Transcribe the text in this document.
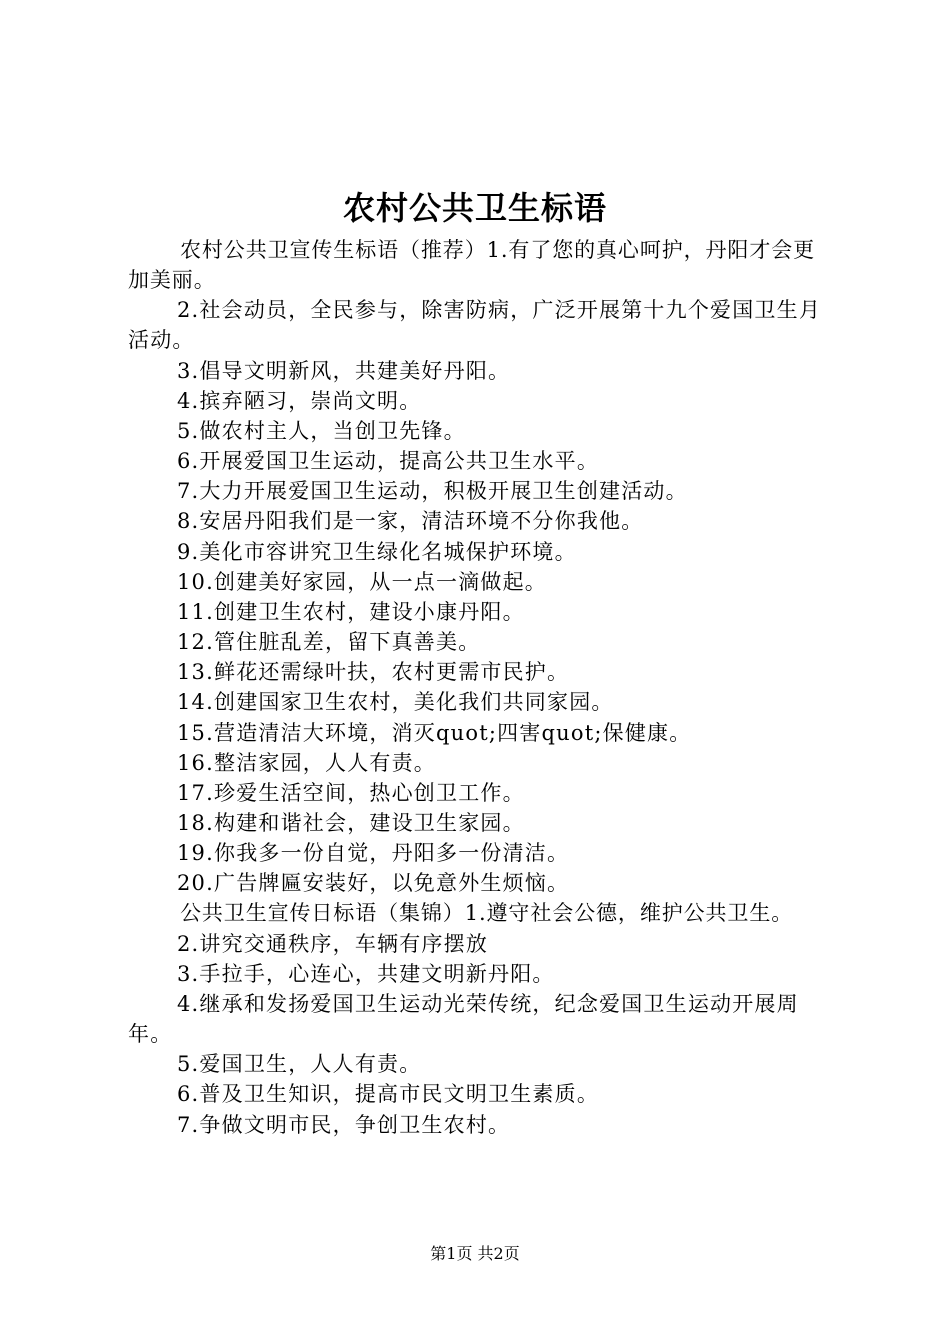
农村公共卫生标语

农村公共卫宣传生标语（推荐）1.有了您的真心呵护，丹阳才会更加美丽。

2.社会动员，全民参与，除害防病，广泛开展第十九个爱国卫生月活动。

3.倡导文明新风，共建美好丹阳。

4.摈弃陋习，崇尚文明。

5.做农村主人，当创卫先锋。

6.开展爱国卫生运动，提高公共卫生水平。

7.大力开展爱国卫生运动，积极开展卫生创建活动。

8.安居丹阳我们是一家，清洁环境不分你我他。

9.美化市容讲究卫生绿化名城保护环境。

10.创建美好家园，从一点一滴做起。

11.创建卫生农村，建设小康丹阳。

12.管住脏乱差，留下真善美。

13.鲜花还需绿叶扶，农村更需市民护。

14.创建国家卫生农村，美化我们共同家园。

15.营造清洁大环境，消灭quot;四害quot;保健康。

16.整洁家园，人人有责。

17.珍爱生活空间，热心创卫工作。

18.构建和谐社会，建设卫生家园。

19.你我多一份自觉，丹阳多一份清洁。

20.广告牌匾安装好，以免意外生烦恼。

公共卫生宣传日标语（集锦）1.遵守社会公德，维护公共卫生。

2.讲究交通秩序，车辆有序摆放

3.手拉手，心连心，共建文明新丹阳。

4.继承和发扬爱国卫生运动光荣传统，纪念爱国卫生运动开展周年。

5.爱国卫生，人人有责。

6.普及卫生知识，提高市民文明卫生素质。

7.争做文明市民，争创卫生农村。

第1页 共2页
